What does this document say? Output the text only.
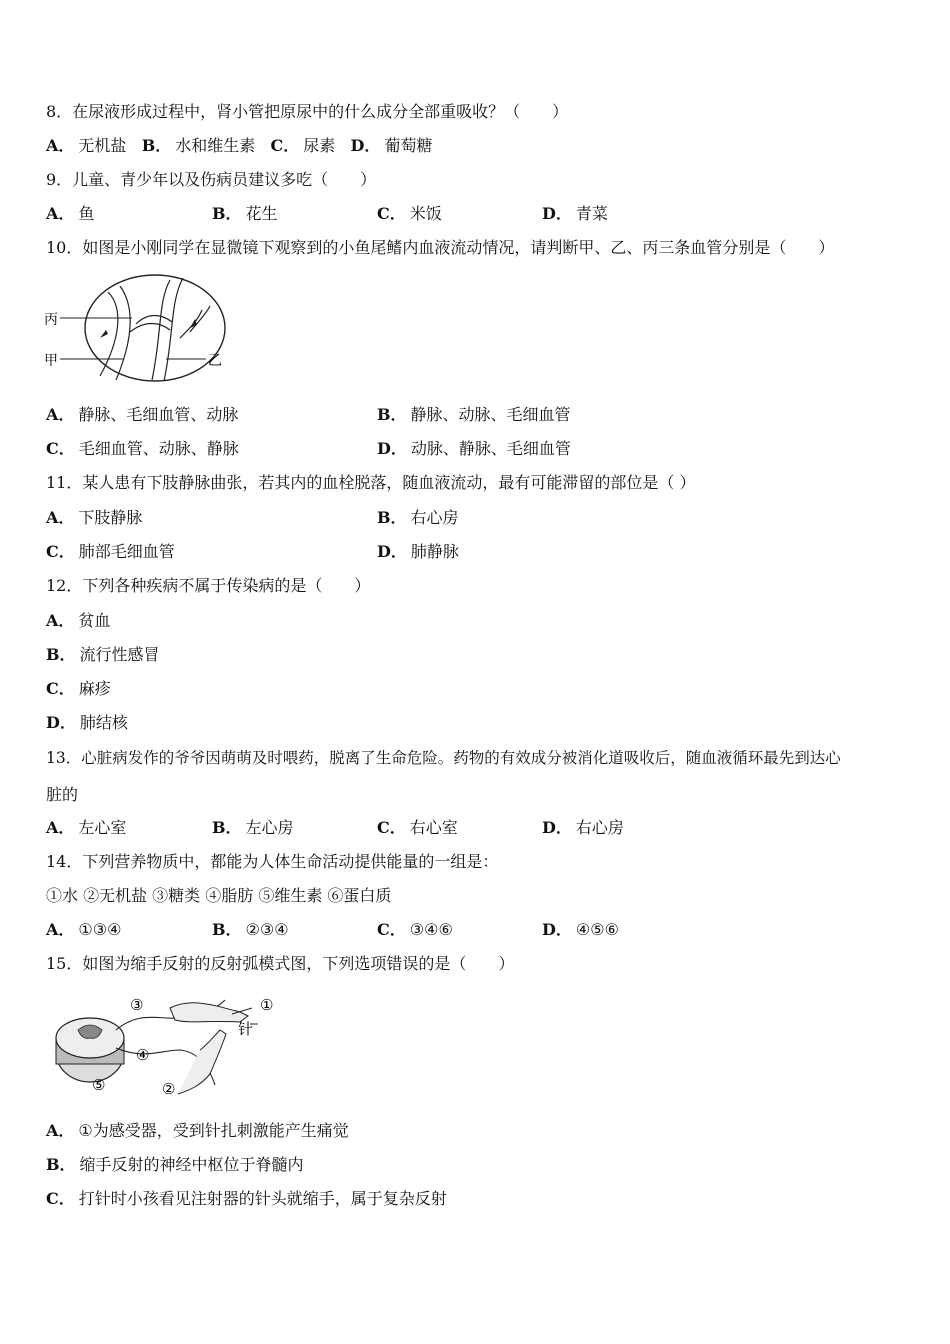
8．在尿液形成过程中，肾小管把原尿中的什么成分全部重吸收？（　　）
A． 无机盐 B． 水和维生素 C． 尿素 D． 葡萄糖
9．儿童、青少年以及伤病员建议多吃（　　）
A． 鱼	B． 花生	C． 米饭	D． 青菜
10．如图是小刚同学在显微镜下观察到的小鱼尾鳍内血液流动情况，请判断甲、乙、丙三条血管分别是（　　）
丙
甲	乙
A． 静脉、毛细血管、动脉	B． 静脉、动脉、毛细血管
C． 毛细血管、动脉、静脉	D． 动脉、静脉、毛细血管
11．某人患有下肢静脉曲张，若其内的血栓脱落，随血液流动，最有可能滞留的部位是（ ）
A． 下肢静脉	B． 右心房
C． 肺部毛细血管	D． 肺静脉
12．下列各种疾病不属于传染病的是（　　）
A． 贫血
B． 流行性感冒
C． 麻疹
D． 肺结核
13．心脏病发作的爷爷因萌萌及时喂药，脱离了生命危险。药物的有效成分被消化道吸收后，随血液循环最先到达心
脏的
A． 左心室	B． 左心房	C． 右心室	D． 右心房
14．下列营养物质中，都能为人体生命活动提供能量的一组是：
①水 ②无机盐 ③糖类 ④脂肪 ⑤维生素 ⑥蛋白质
A． ①③④	B． ②③④	C． ③④⑥	D． ④⑤⑥
15．如图为缩手反射的反射弧模式图，下列选项错误的是（　　）
③	①
针
④
⑤	②
A． ①为感受器，受到针扎刺激能产生痛觉
B． 缩手反射的神经中枢位于脊髓内
C． 打针时小孩看见注射器的针头就缩手，属于复杂反射
